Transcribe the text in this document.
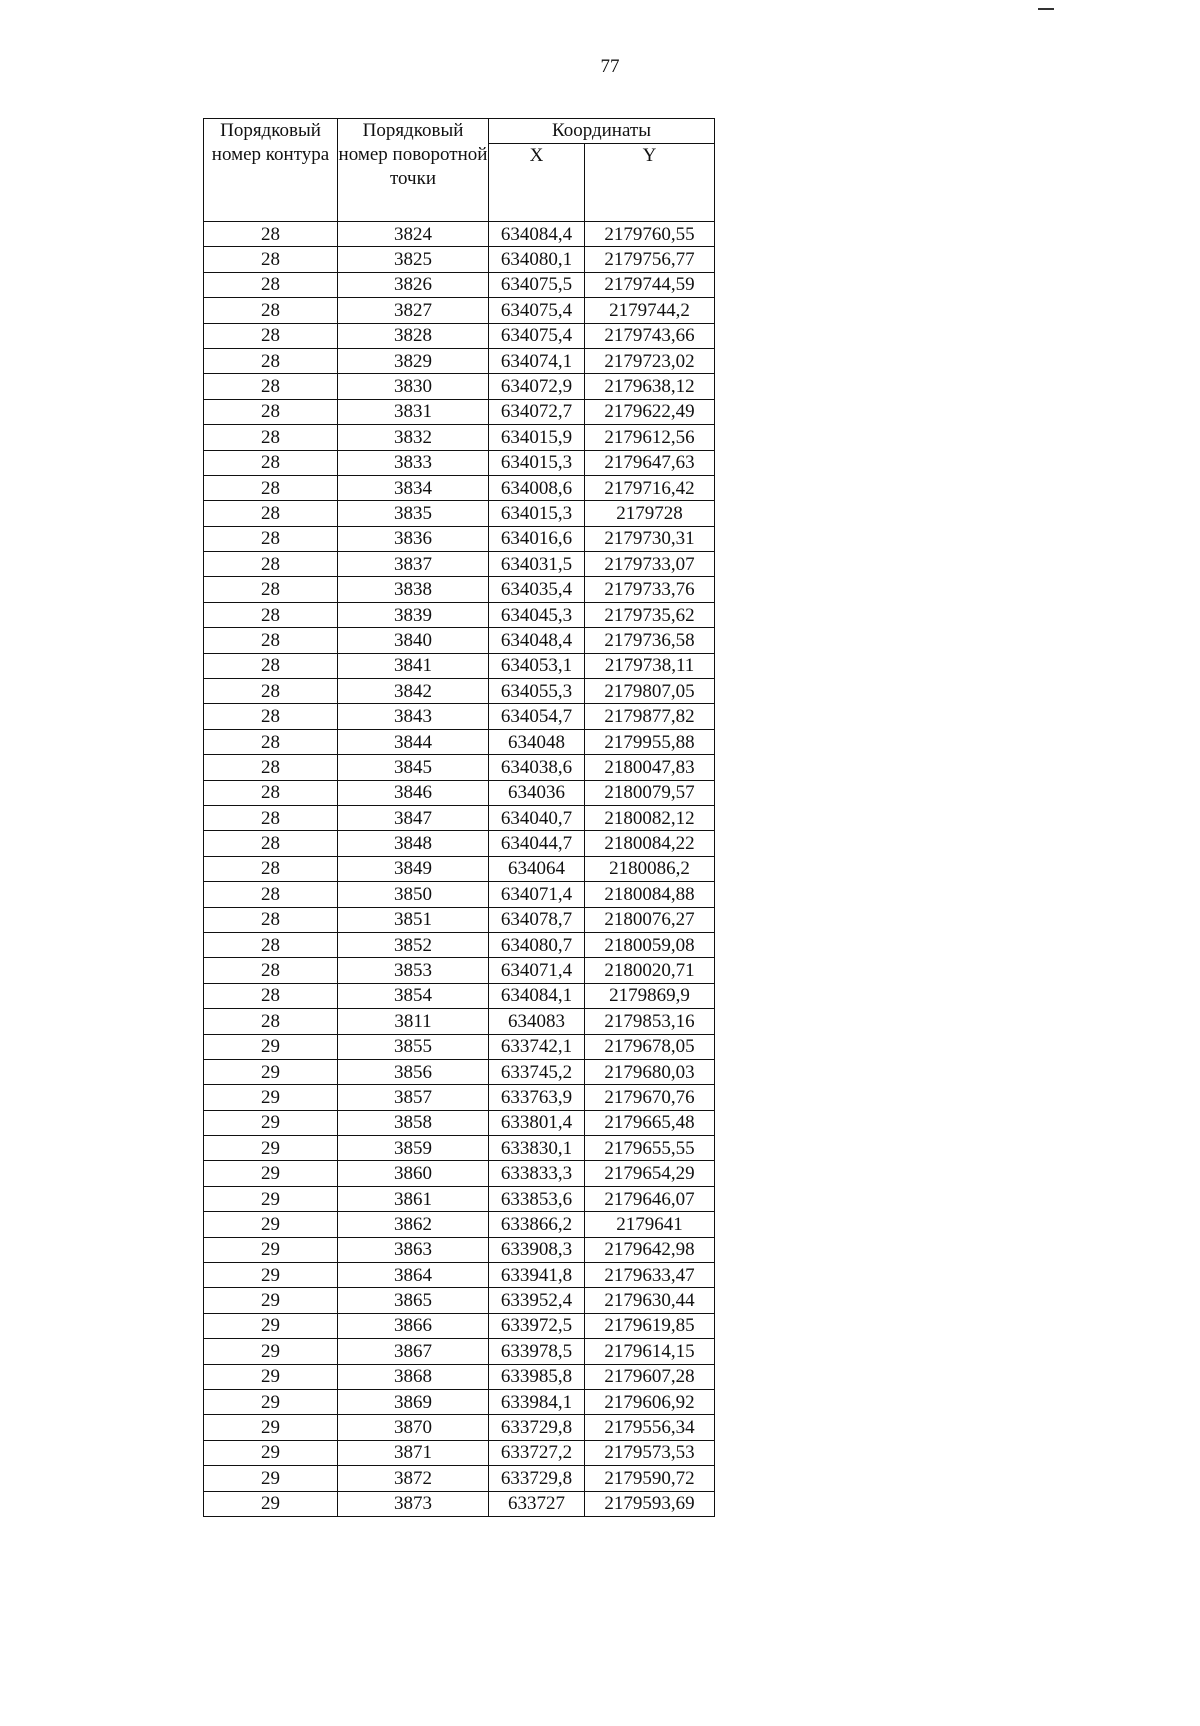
77
Порядковый номер контура	Порядковый номер поворотной точки	Координаты	
		X	Y
28	3824	634084,4	2179760,55
28	3825	634080,1	2179756,77
28	3826	634075,5	2179744,59
28	3827	634075,4	2179744,2
28	3828	634075,4	2179743,66
28	3829	634074,1	2179723,02
28	3830	634072,9	2179638,12
28	3831	634072,7	2179622,49
28	3832	634015,9	2179612,56
28	3833	634015,3	2179647,63
28	3834	634008,6	2179716,42
28	3835	634015,3	2179728
28	3836	634016,6	2179730,31
28	3837	634031,5	2179733,07
28	3838	634035,4	2179733,76
28	3839	634045,3	2179735,62
28	3840	634048,4	2179736,58
28	3841	634053,1	2179738,11
28	3842	634055,3	2179807,05
28	3843	634054,7	2179877,82
28	3844	634048	2179955,88
28	3845	634038,6	2180047,83
28	3846	634036	2180079,57
28	3847	634040,7	2180082,12
28	3848	634044,7	2180084,22
28	3849	634064	2180086,2
28	3850	634071,4	2180084,88
28	3851	634078,7	2180076,27
28	3852	634080,7	2180059,08
28	3853	634071,4	2180020,71
28	3854	634084,1	2179869,9
28	3811	634083	2179853,16
29	3855	633742,1	2179678,05
29	3856	633745,2	2179680,03
29	3857	633763,9	2179670,76
29	3858	633801,4	2179665,48
29	3859	633830,1	2179655,55
29	3860	633833,3	2179654,29
29	3861	633853,6	2179646,07
29	3862	633866,2	2179641
29	3863	633908,3	2179642,98
29	3864	633941,8	2179633,47
29	3865	633952,4	2179630,44
29	3866	633972,5	2179619,85
29	3867	633978,5	2179614,15
29	3868	633985,8	2179607,28
29	3869	633984,1	2179606,92
29	3870	633729,8	2179556,34
29	3871	633727,2	2179573,53
29	3872	633729,8	2179590,72
29	3873	633727	2179593,69
